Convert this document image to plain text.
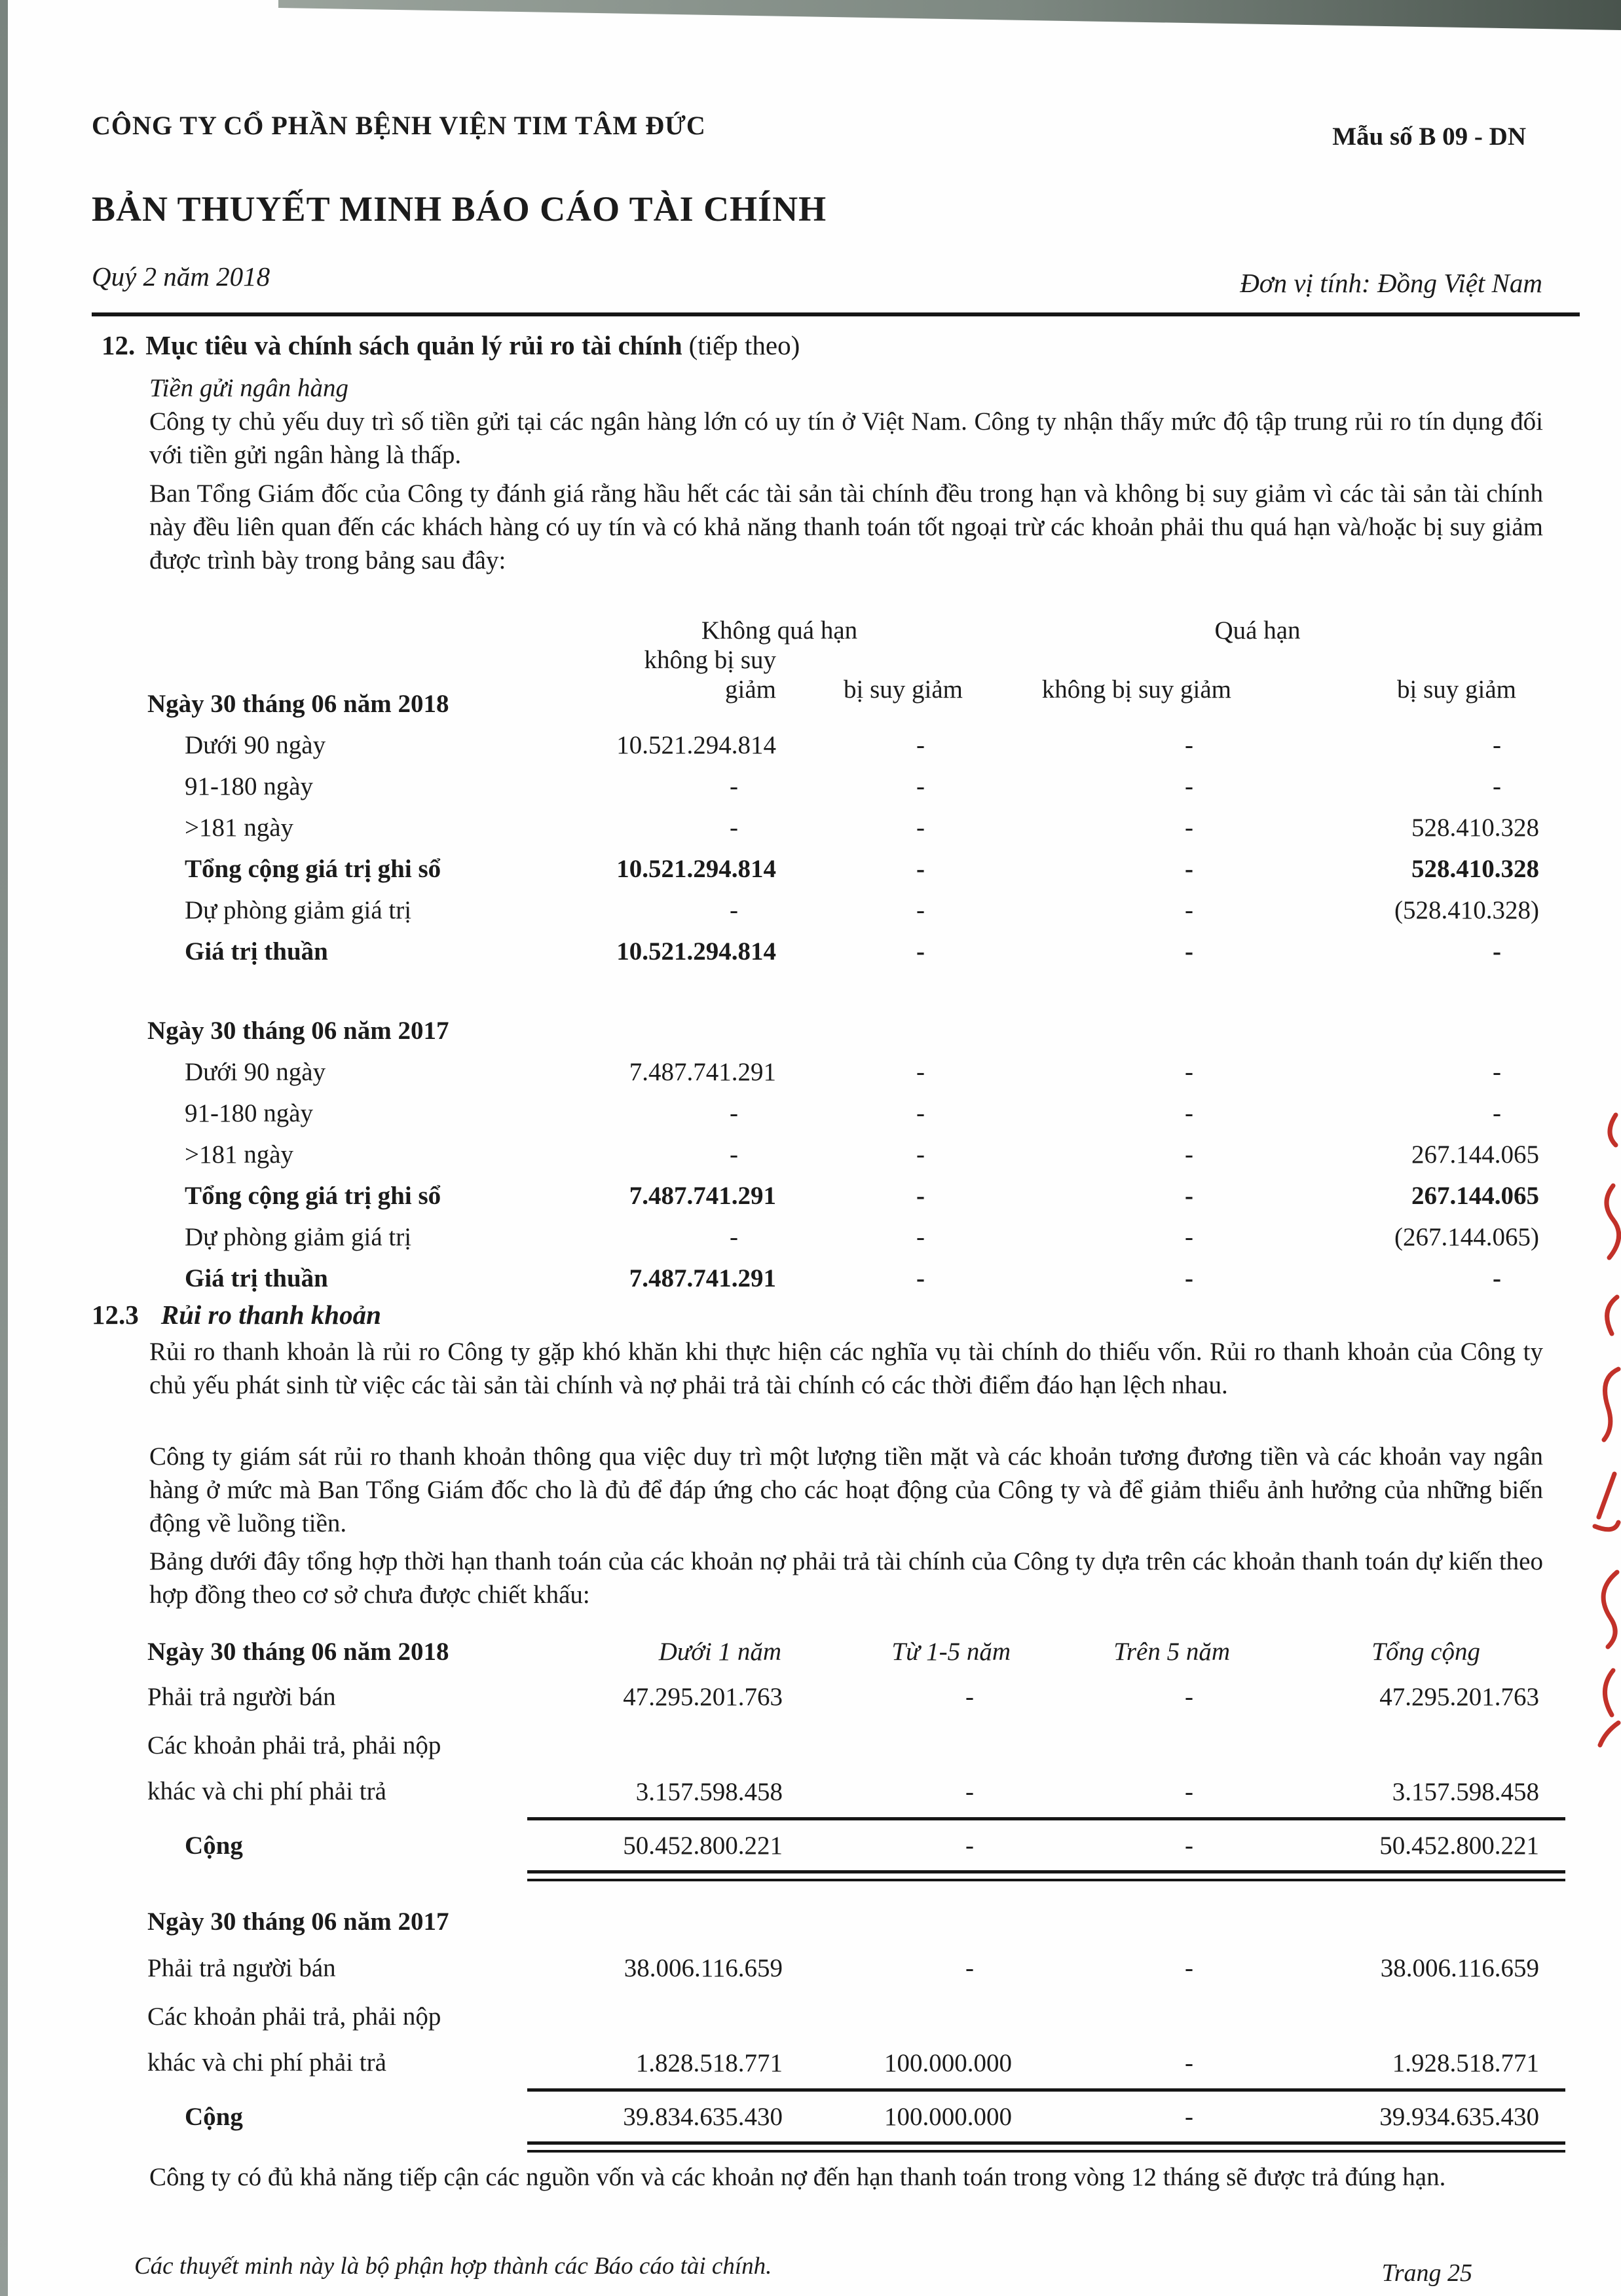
CÔNG TY CỔ PHẦN BỆNH VIỆN TIM TÂM ĐỨC	Mẫu số B 09 - DN
BẢN THUYẾT MINH BÁO CÁO TÀI CHÍNH
Quý 2 năm 2018	Đơn vị tính: Đồng Việt Nam
12. Mục tiêu và chính sách quản lý rủi ro tài chính (tiếp theo)
Tiền gửi ngân hàng
Công ty chủ yếu duy trì số tiền gửi tại các ngân hàng lớn có uy tín ở Việt Nam. Công ty nhận thấy mức độ tập trung rủi ro tín dụng đối với tiền gửi ngân hàng là thấp.
Ban Tổng Giám đốc của Công ty đánh giá rằng hầu hết các tài sản tài chính đều trong hạn và không bị suy giảm vì các tài sản tài chính này đều liên quan đến các khách hàng có uy tín và có khả năng thanh toán tốt ngoại trừ các khoản phải thu quá hạn và/hoặc bị suy giảm được trình bày trong bảng sau đây:
Không quá hạn	Quá hạn
không bị suy giảm	bị suy giảm	không bị suy giảm	bị suy giảm
Ngày 30 tháng 06 năm 2018
Dưới 90 ngày	10.521.294.814	-	-	-
91-180 ngày	-	-	-	-
>181 ngày	-	-	-	528.410.328
Tổng cộng giá trị ghi sổ	10.521.294.814	-	-	528.410.328
Dự phòng giảm giá trị	-	-	-	(528.410.328)
Giá trị thuần	10.521.294.814	-	-	-
Ngày 30 tháng 06 năm 2017
Dưới 90 ngày	7.487.741.291	-	-	-
91-180 ngày	-	-	-	-
>181 ngày	-	-	-	267.144.065
Tổng cộng giá trị ghi sổ	7.487.741.291	-	-	267.144.065
Dự phòng giảm giá trị	-	-	-	(267.144.065)
Giá trị thuần	7.487.741.291	-	-	-
12.3 Rủi ro thanh khoản
Rủi ro thanh khoản là rủi ro Công ty gặp khó khăn khi thực hiện các nghĩa vụ tài chính do thiếu vốn. Rủi ro thanh khoản của Công ty chủ yếu phát sinh từ việc các tài sản tài chính và nợ phải trả tài chính có các thời điểm đáo hạn lệch nhau.
Công ty giám sát rủi ro thanh khoản thông qua việc duy trì một lượng tiền mặt và các khoản tương đương tiền và các khoản vay ngân hàng ở mức mà Ban Tổng Giám đốc cho là đủ để đáp ứng cho các hoạt động của Công ty và để giảm thiểu ảnh hưởng của những biến động về luồng tiền.
Bảng dưới đây tổng hợp thời hạn thanh toán của các khoản nợ phải trả tài chính của Công ty dựa trên các khoản thanh toán dự kiến theo hợp đồng theo cơ sở chưa được chiết khấu:
Ngày 30 tháng 06 năm 2018	Dưới 1 năm	Từ 1-5 năm	Trên 5 năm	Tổng cộng
Phải trả người bán	47.295.201.763	-	-	47.295.201.763
Các khoản phải trả, phải nộp
khác và chi phí phải trả	3.157.598.458	-	-	3.157.598.458
Cộng	50.452.800.221	-	-	50.452.800.221
Ngày 30 tháng 06 năm 2017
Phải trả người bán	38.006.116.659	-	-	38.006.116.659
Các khoản phải trả, phải nộp
khác và chi phí phải trả	1.828.518.771	100.000.000	-	1.928.518.771
Cộng	39.834.635.430	100.000.000	-	39.934.635.430
Công ty có đủ khả năng tiếp cận các nguồn vốn và các khoản nợ đến hạn thanh toán trong vòng 12 tháng sẽ được trả đúng hạn.
Các thuyết minh này là bộ phận hợp thành các Báo cáo tài chính.	Trang 25
